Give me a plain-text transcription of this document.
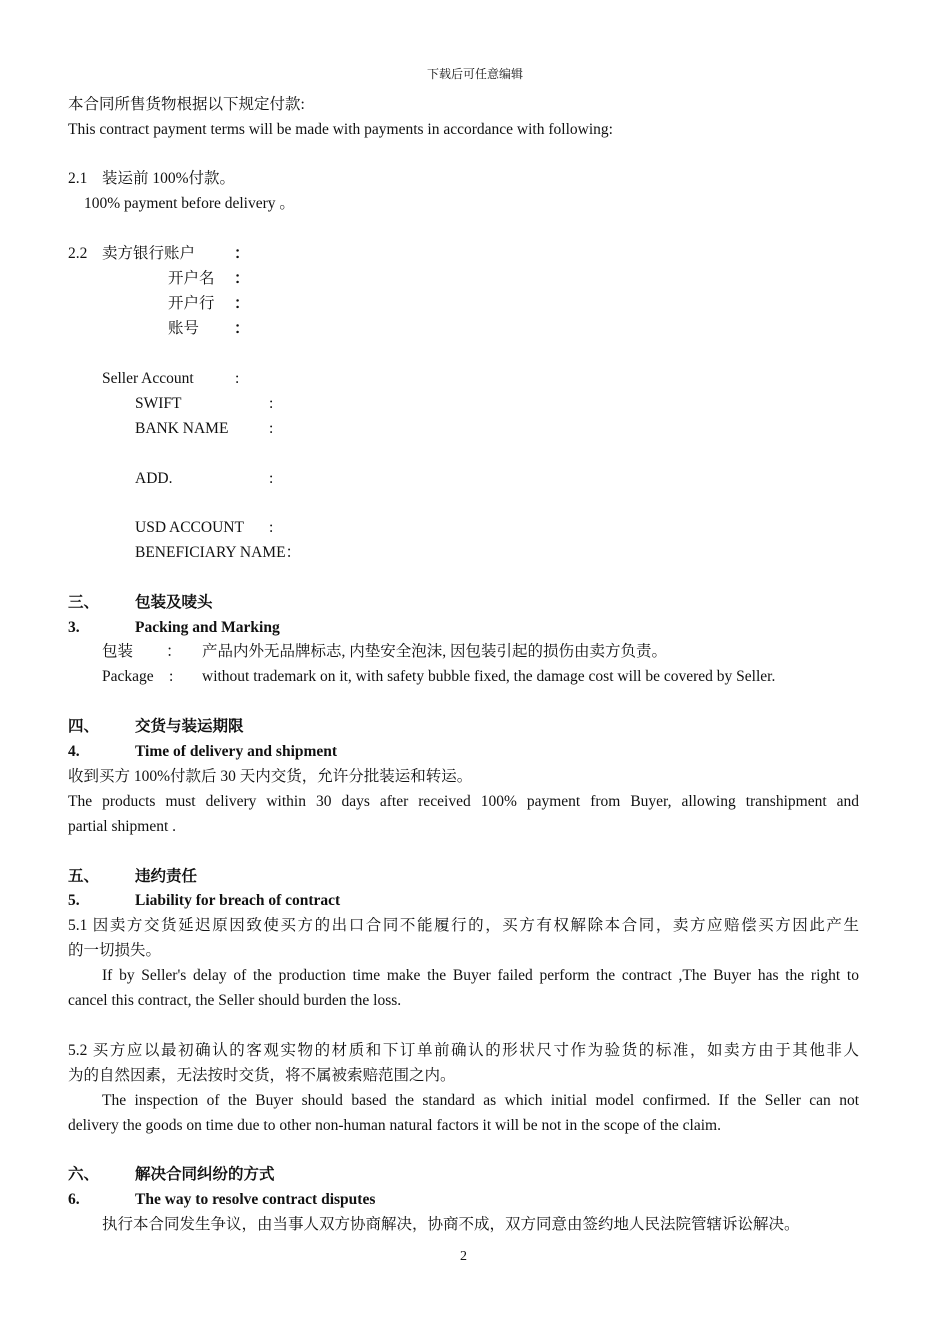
下载后可任意编辑
本合同所售货物根据以下规定付款:
This contract payment terms will be made with payments in accordance with following:
2.1 装运前 100%付款。
100% payment before delivery 。
2.2 卖方银行账户	：
开户名 ：
开户行 ：
账号 ：
Seller Account	:
SWIFT	:
BANK NAME	:
ADD.	:
USD ACCOUNT :
BENEFICIARY NAME：
三、 包装及唛头
3.	Packing and Marking
包装 ： 产品内外无品牌标志, 内垫安全泡沫, 因包装引起的损伤由卖方负责。
Package : without trademark on it, with safety bubble fixed, the damage cost will be covered by Seller.
四、 交货与装运期限
4.	Time of delivery and shipment
收到买方 100%付款后 30 天内交货，允许分批装运和转运。
The products must delivery within 30 days after received 100% payment from Buyer, allowing transhipment and
partial shipment .
五、 违约责任
5.	Liability for breach of contract
5.1 因卖方交货延迟原因致使买方的出口合同不能履行的，买方有权解除本合同，卖方应赔偿买方因此产生
的一切损失。
If by Seller's delay of the production time make the Buyer failed perform the contract ,The Buyer has the right to
cancel this contract, the Seller should burden the loss.
5.2 买方应以最初确认的客观实物的材质和下订单前确认的形状尺寸作为验货的标准，如卖方由于其他非人
为的自然因素，无法按时交货，将不属被索赔范围之内。
The inspection of the Buyer should based the standard as which initial model confirmed. If the Seller can not
delivery the goods on time due to other non-human natural factors it will be not in the scope of the claim.
六、 解决合同纠纷的方式
6.	The way to resolve contract disputes
执行本合同发生争议，由当事人双方协商解决，协商不成，双方同意由签约地人民法院管辖诉讼解决。
2
